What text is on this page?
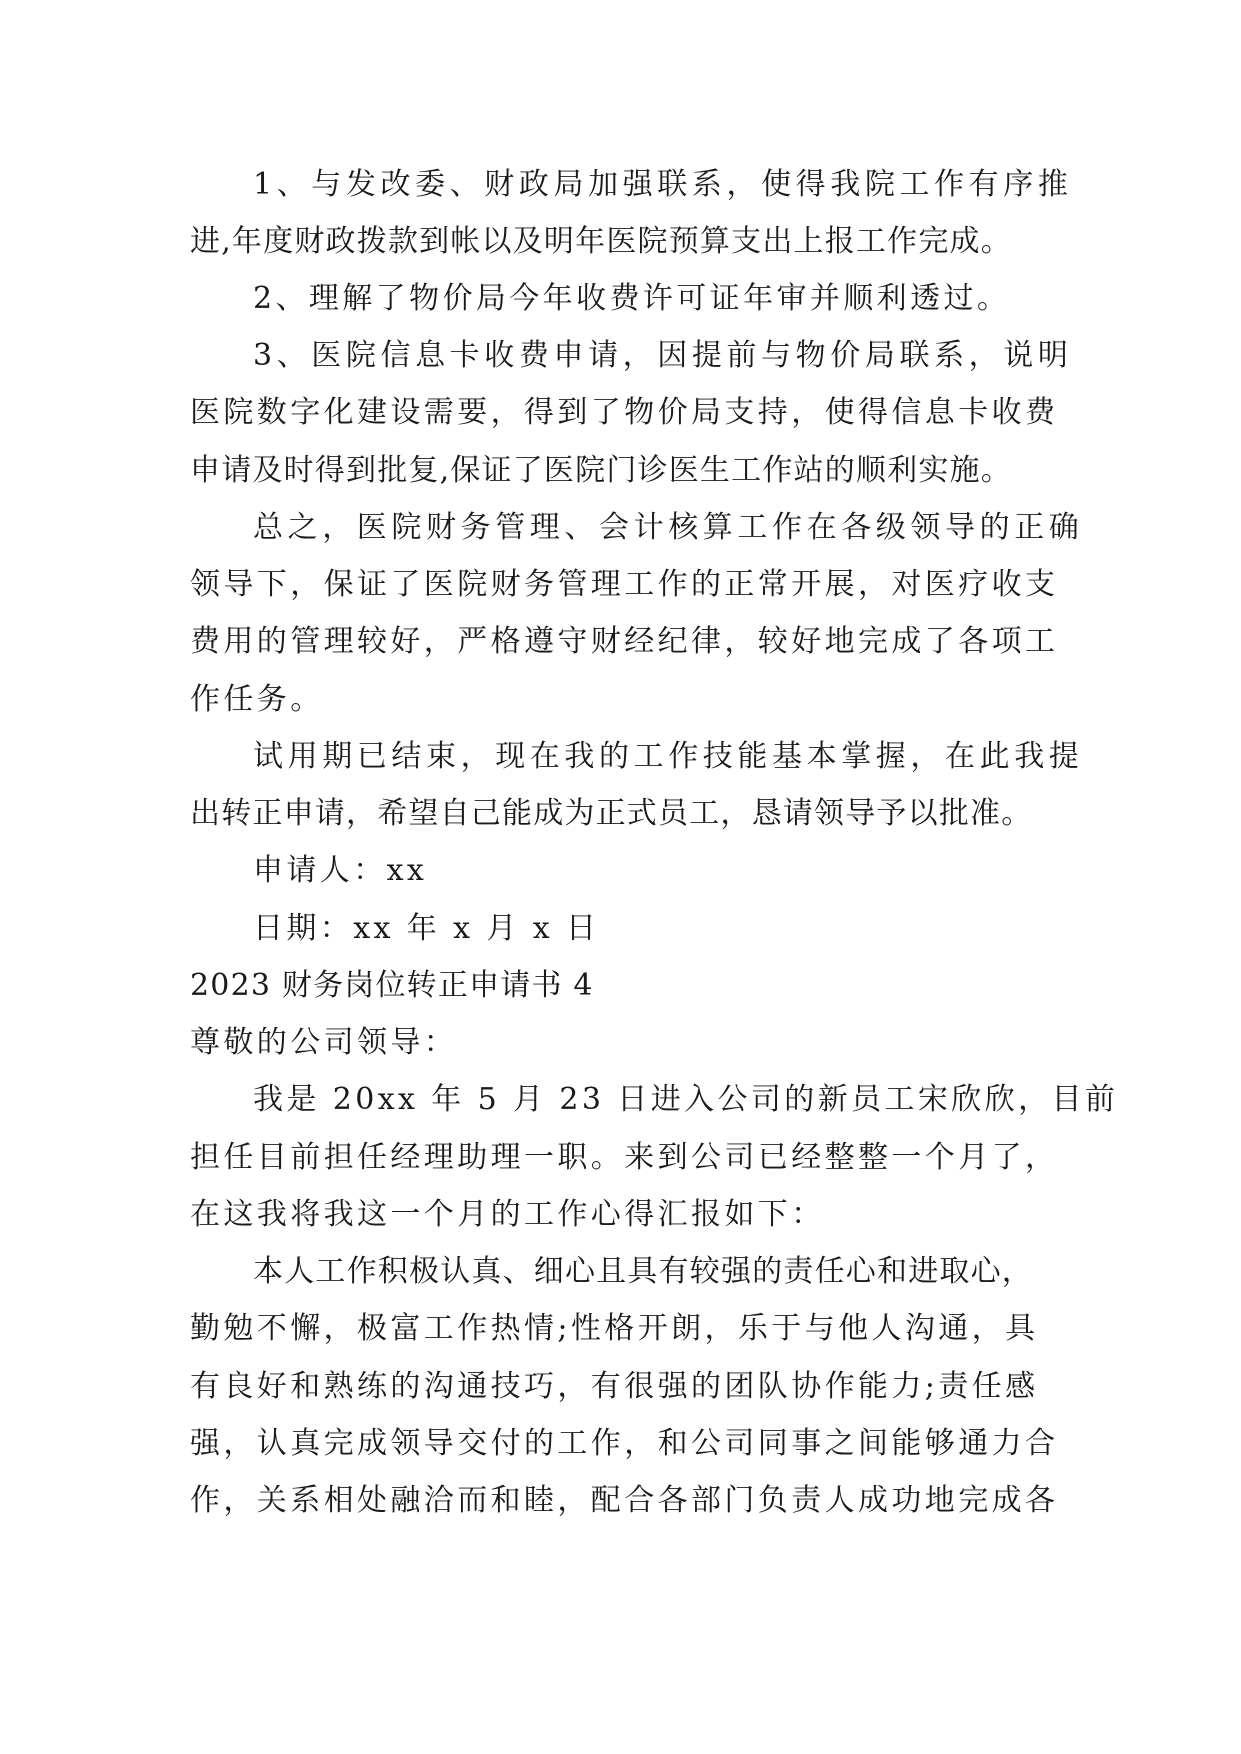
1、与发改委、财政局加强联系，使得我院工作有序推
进,年度财政拨款到帐以及明年医院预算支出上报工作完成。
2、理解了物价局今年收费许可证年审并顺利透过。
3、医院信息卡收费申请，因提前与物价局联系，说明
医院数字化建设需要，得到了物价局支持，使得信息卡收费
申请及时得到批复,保证了医院门诊医生工作站的顺利实施。
总之，医院财务管理、会计核算工作在各级领导的正确
领导下，保证了医院财务管理工作的正常开展，对医疗收支
费用的管理较好，严格遵守财经纪律，较好地完成了各项工
作任务。
试用期已结束，现在我的工作技能基本掌握，在此我提
出转正申请，希望自己能成为正式员工，恳请领导予以批准。
申请人：xx
日期：xx 年 x 月 x 日
2023 财务岗位转正申请书 4
尊敬的公司领导：
我是 20xx 年 5 月 23 日进入公司的新员工宋欣欣，目前
担任目前担任经理助理一职。来到公司已经整整一个月了，
在这我将我这一个月的工作心得汇报如下：
本人工作积极认真、细心且具有较强的责任心和进取心，
勤勉不懈，极富工作热情;性格开朗，乐于与他人沟通，具
有良好和熟练的沟通技巧，有很强的团队协作能力;责任感
强，认真完成领导交付的工作，和公司同事之间能够通力合
作，关系相处融洽而和睦，配合各部门负责人成功地完成各
